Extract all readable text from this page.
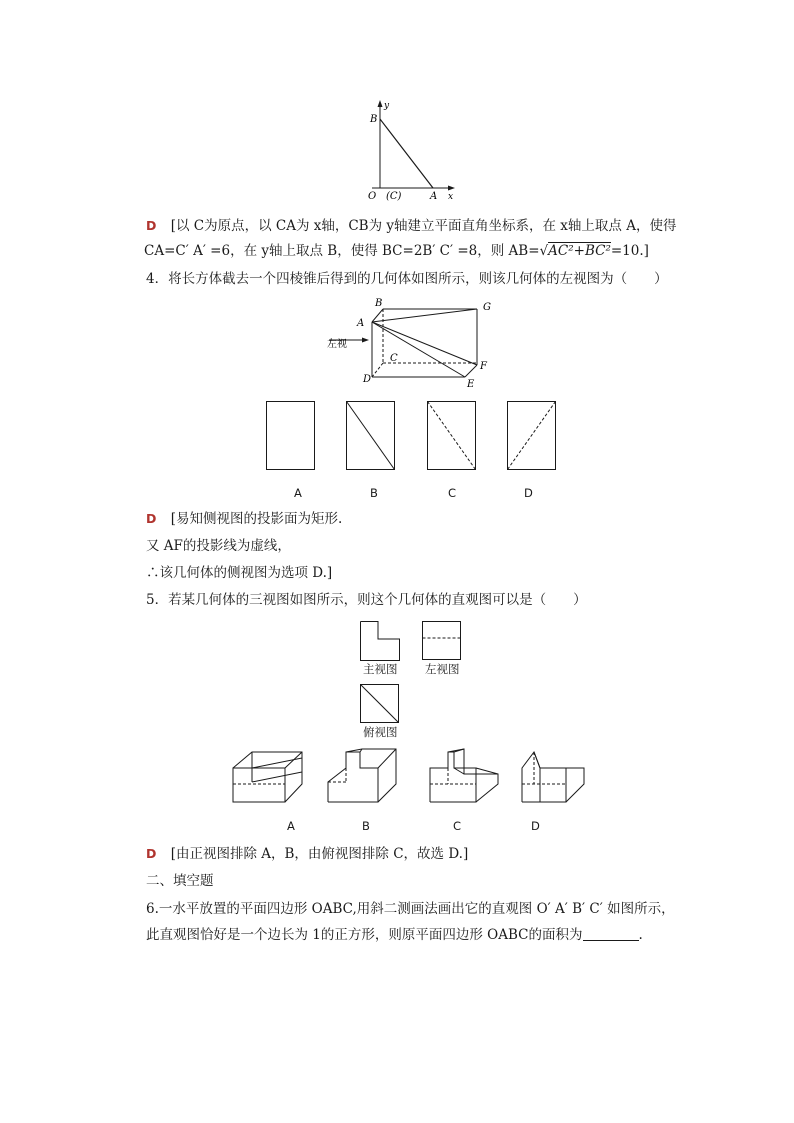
y
B
O (C)	A x
D [以 C为原点，以 CA为 x轴，CB为 y轴建立平面直角坐标系，在 x轴上取点 A，使得
CA=C′ A′ =6，在 y轴上取点 B，使得 BC=2B′ C′ =8，则 AB=√AC²+BC²=10.]
4．将长方体截去一个四棱锥后得到的几何体如图所示，则该几何体的左视图为（　　）
B	G
A
左视
C
F
D	E
A	B	C	D
D [易知侧视图的投影面为矩形.
又 AF的投影线为虚线，
∴该几何体的侧视图为选项 D.]
5．若某几何体的三视图如图所示，则这个几何体的直观图可以是（　　）
主视图 左视图
俯视图
A	B	C	D
D [由正视图排除 A，B，由俯视图排除 C，故选 D.]
二、填空题
6.一水平放置的平面四边形 OABC,用斜二测画法画出它的直观图 O′ A′ B′ C′ 如图所示，
此直观图恰好是一个边长为 1的正方形，则原平面四边形 OABC的面积为	.
